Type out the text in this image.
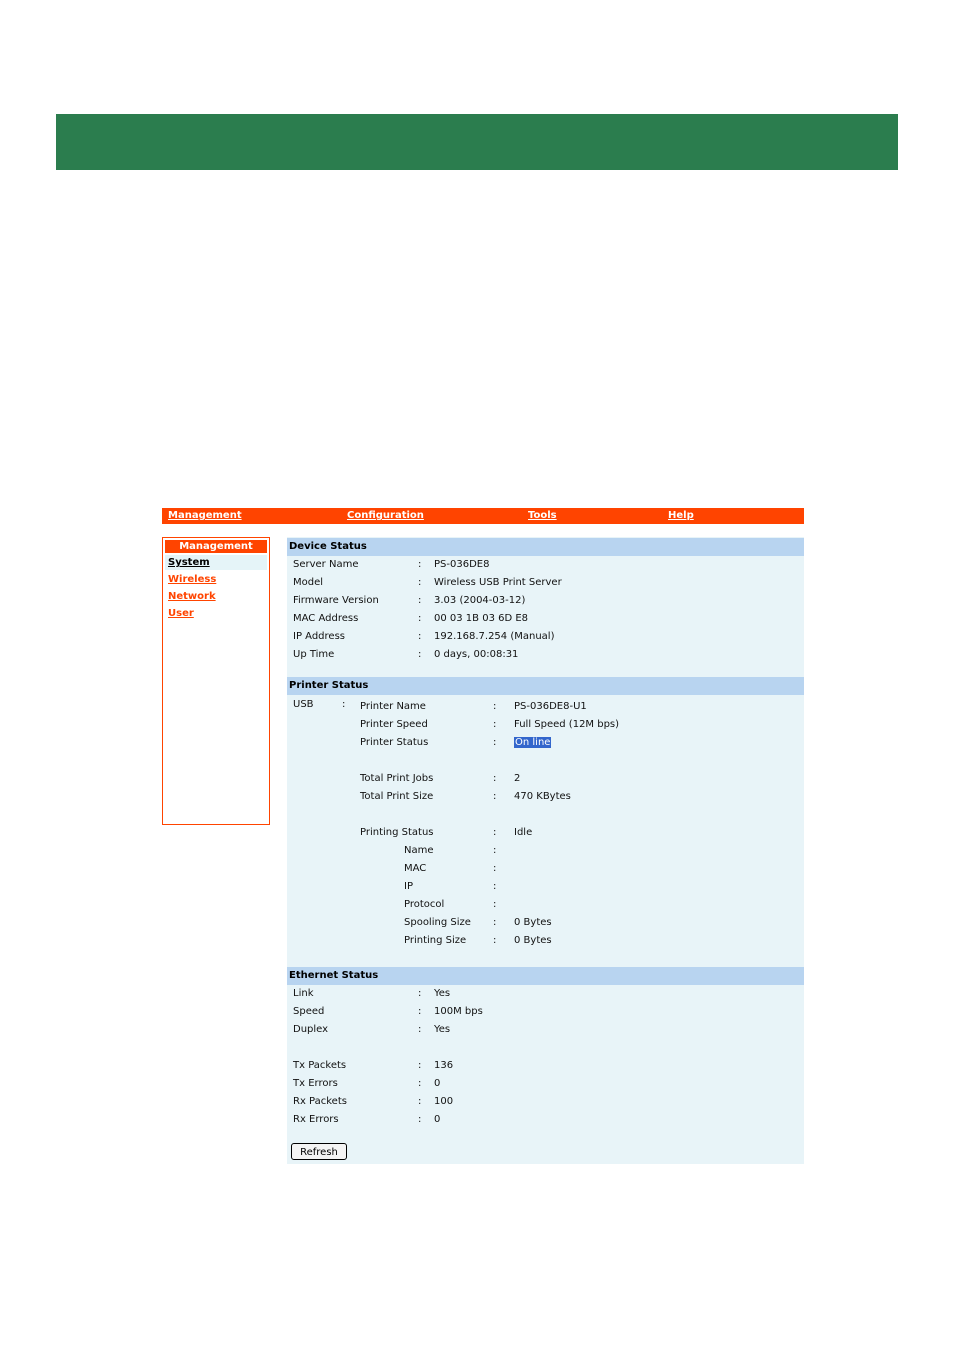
Management	Configuration	Tools	Help
Management
System
Wireless
Network
User
Device Status
Server Name	: PS-036DE8
Model	: Wireless USB Print Server
Firmware Version	: 3.03 (2004-03-12)
MAC Address	: 00 03 1B 03 6D E8
IP Address	: 192.168.7.254 (Manual)
Up Time	: 0 days, 00:08:31
Printer Status
USB	: Printer Name	: PS-036DE8-U1
Printer Speed	: Full Speed (12M bps)
Printer Status	: On line
Total Print Jobs	: 2
Total Print Size	: 470 KBytes
Printing Status	: Idle
Name	:
MAC	:
IP	:
Protocol	:
Spooling Size : 0 Bytes
Printing Size	: 0 Bytes
Ethernet Status
Link	: Yes
Speed	: 100M bps
Duplex	: Yes
Tx Packets	: 136
Tx Errors	: 0
Rx Packets	: 100
Rx Errors	: 0
Refresh
